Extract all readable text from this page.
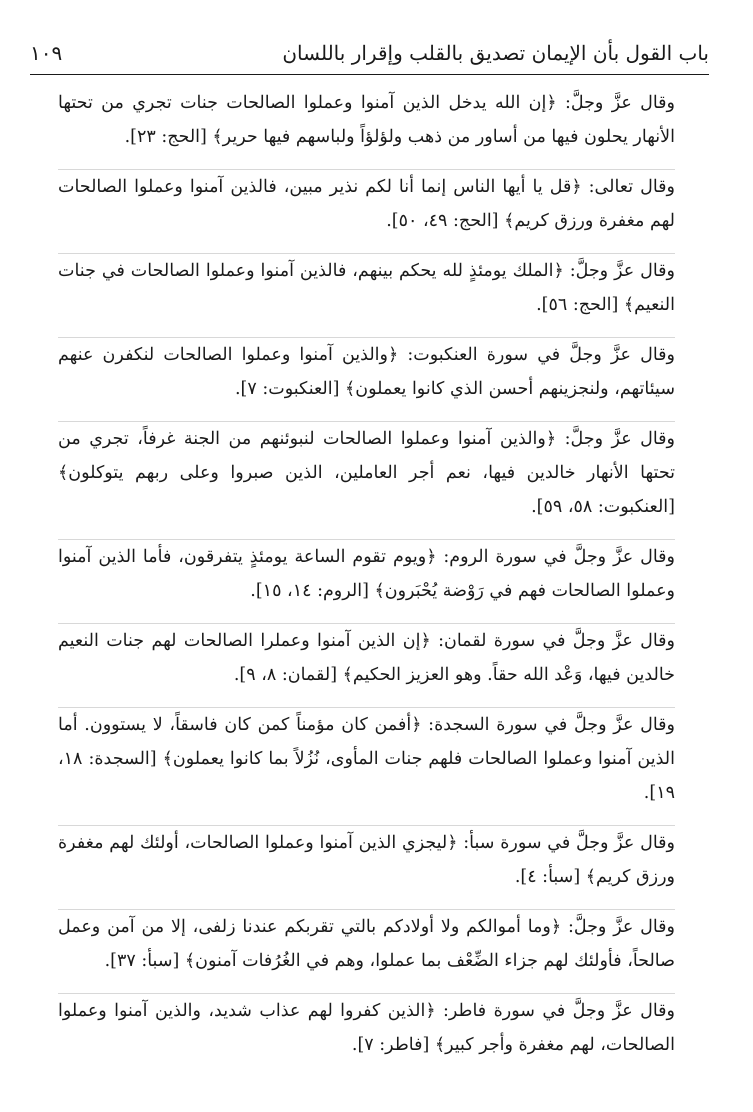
باب القول بأن الإيمان تصديق بالقلب وإقرار باللسان
١٠٩

وقال عزَّ وجلَّ: ﴿إن الله يدخل الذين آمنوا وعملوا الصالحات جنات تجري من تحتها الأنهار يحلون فيها من أساور من ذهب ولؤلؤاً ولباسهم فيها حرير﴾ [الحج: ٢٣].

وقال تعالى: ﴿قل يا أيها الناس إنما أنا لكم نذير مبين، فالذين آمنوا وعملوا الصالحات لهم مغفرة ورزق كريم﴾ [الحج: ٤٩، ٥٠].

وقال عزَّ وجلَّ: ﴿الملك يومئذٍ لله يحكم بينهم، فالذين آمنوا وعملوا الصالحات في جنات النعيم﴾ [الحج: ٥٦].

وقال عزَّ وجلَّ في سورة العنكبوت: ﴿والذين آمنوا وعملوا الصالحات لنكفرن عنهم سيئاتهم، ولنجزينهم أحسن الذي كانوا يعملون﴾ [العنكبوت: ٧].

وقال عزَّ وجلَّ: ﴿والذين آمنوا وعملوا الصالحات لنبوئنهم من الجنة غرفاً، تجري من تحتها الأنهار خالدين فيها، نعم أجر العاملين، الذين صبروا وعلى ربهم يتوكلون﴾ [العنكبوت: ٥٨، ٥٩].

وقال عزَّ وجلَّ في سورة الروم: ﴿ويوم تقوم الساعة يومئذٍ يتفرقون، فأما الذين آمنوا وعملوا الصالحات فهم في رَوْضة يُحْبَرون﴾ [الروم: ١٤، ١٥].

وقال عزَّ وجلَّ في سورة لقمان: ﴿إن الذين آمنوا وعملرا الصالحات لهم جنات النعيم خالدين فيها، وَعْد الله حقاً. وهو العزيز الحكيم﴾ [لقمان: ٨، ٩].

وقال عزَّ وجلَّ في سورة السجدة: ﴿أفمن كان مؤمناً كمن كان فاسقاً، لا يستوون. أما الذين آمنوا وعملوا الصالحات فلهم جنات المأوى، نُزُلاً بما كانوا يعملون﴾ [السجدة: ١٨، ١٩].

وقال عزَّ وجلَّ في سورة سبأ: ﴿ليجزي الذين آمنوا وعملوا الصالحات، أولئك لهم مغفرة ورزق كريم﴾ [سبأ: ٤].

وقال عزَّ وجلَّ: ﴿وما أموالكم ولا أولادكم بالتي تقربكم عندنا زلفى، إلا من آمن وعمل صالحاً، فأولئك لهم جزاء الضِّعْف بما عملوا، وهم في الغُرُفات آمنون﴾ [سبأ: ٣٧].

وقال عزَّ وجلَّ في سورة فاطر: ﴿الذين كفروا لهم عذاب شديد، والذين آمنوا وعملوا الصالحات، لهم مغفرة وأجر كبير﴾ [فاطر: ٧].
